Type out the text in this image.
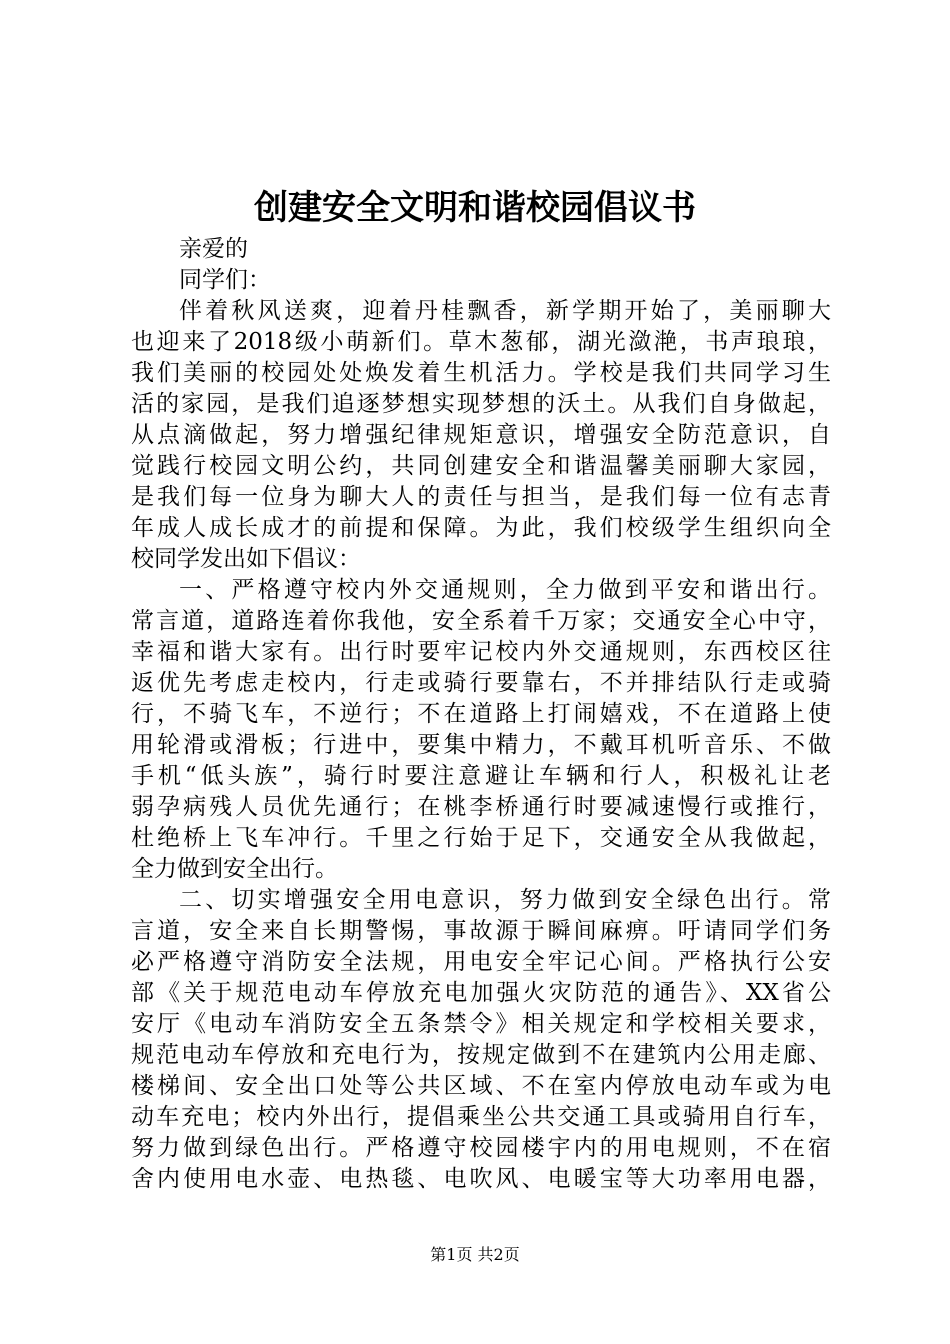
创建安全文明和谐校园倡议书
亲爱的
同学们：
伴着秋风送爽，迎着丹桂飘香，新学期开始了，美丽聊大
也迎来了2018级小萌新们。草木葱郁，湖光潋滟，书声琅琅，
我们美丽的校园处处焕发着生机活力。学校是我们共同学习生
活的家园，是我们追逐梦想实现梦想的沃土。从我们自身做起，
从点滴做起，努力增强纪律规矩意识，增强安全防范意识，自
觉践行校园文明公约，共同创建安全和谐温馨美丽聊大家园，
是我们每一位身为聊大人的责任与担当，是我们每一位有志青
年成人成长成才的前提和保障。为此，我们校级学生组织向全
校同学发出如下倡议：
一、严格遵守校内外交通规则，全力做到平安和谐出行。
常言道，道路连着你我他，安全系着千万家；交通安全心中守，
幸福和谐大家有。出行时要牢记校内外交通规则，东西校区往
返优先考虑走校内，行走或骑行要靠右，不并排结队行走或骑
行，不骑飞车，不逆行；不在道路上打闹嬉戏，不在道路上使
用轮滑或滑板；行进中，要集中精力，不戴耳机听音乐、不做
手机“低头族”，骑行时要注意避让车辆和行人，积极礼让老
弱孕病残人员优先通行；在桃李桥通行时要减速慢行或推行，
杜绝桥上飞车冲行。千里之行始于足下，交通安全从我做起，
全力做到安全出行。
二、切实增强安全用电意识，努力做到安全绿色出行。常
言道，安全来自长期警惕，事故源于瞬间麻痹。吁请同学们务
必严格遵守消防安全法规，用电安全牢记心间。严格执行公安
部《关于规范电动车停放充电加强火灾防范的通告》、XX省公
安厅《电动车消防安全五条禁令》相关规定和学校相关要求，
规范电动车停放和充电行为，按规定做到不在建筑内公用走廊、
楼梯间、安全出口处等公共区域、不在室内停放电动车或为电
动车充电；校内外出行，提倡乘坐公共交通工具或骑用自行车，
努力做到绿色出行。严格遵守校园楼宇内的用电规则，不在宿
舍内使用电水壶、电热毯、电吹风、电暖宝等大功率用电器，
第1页 共2页
